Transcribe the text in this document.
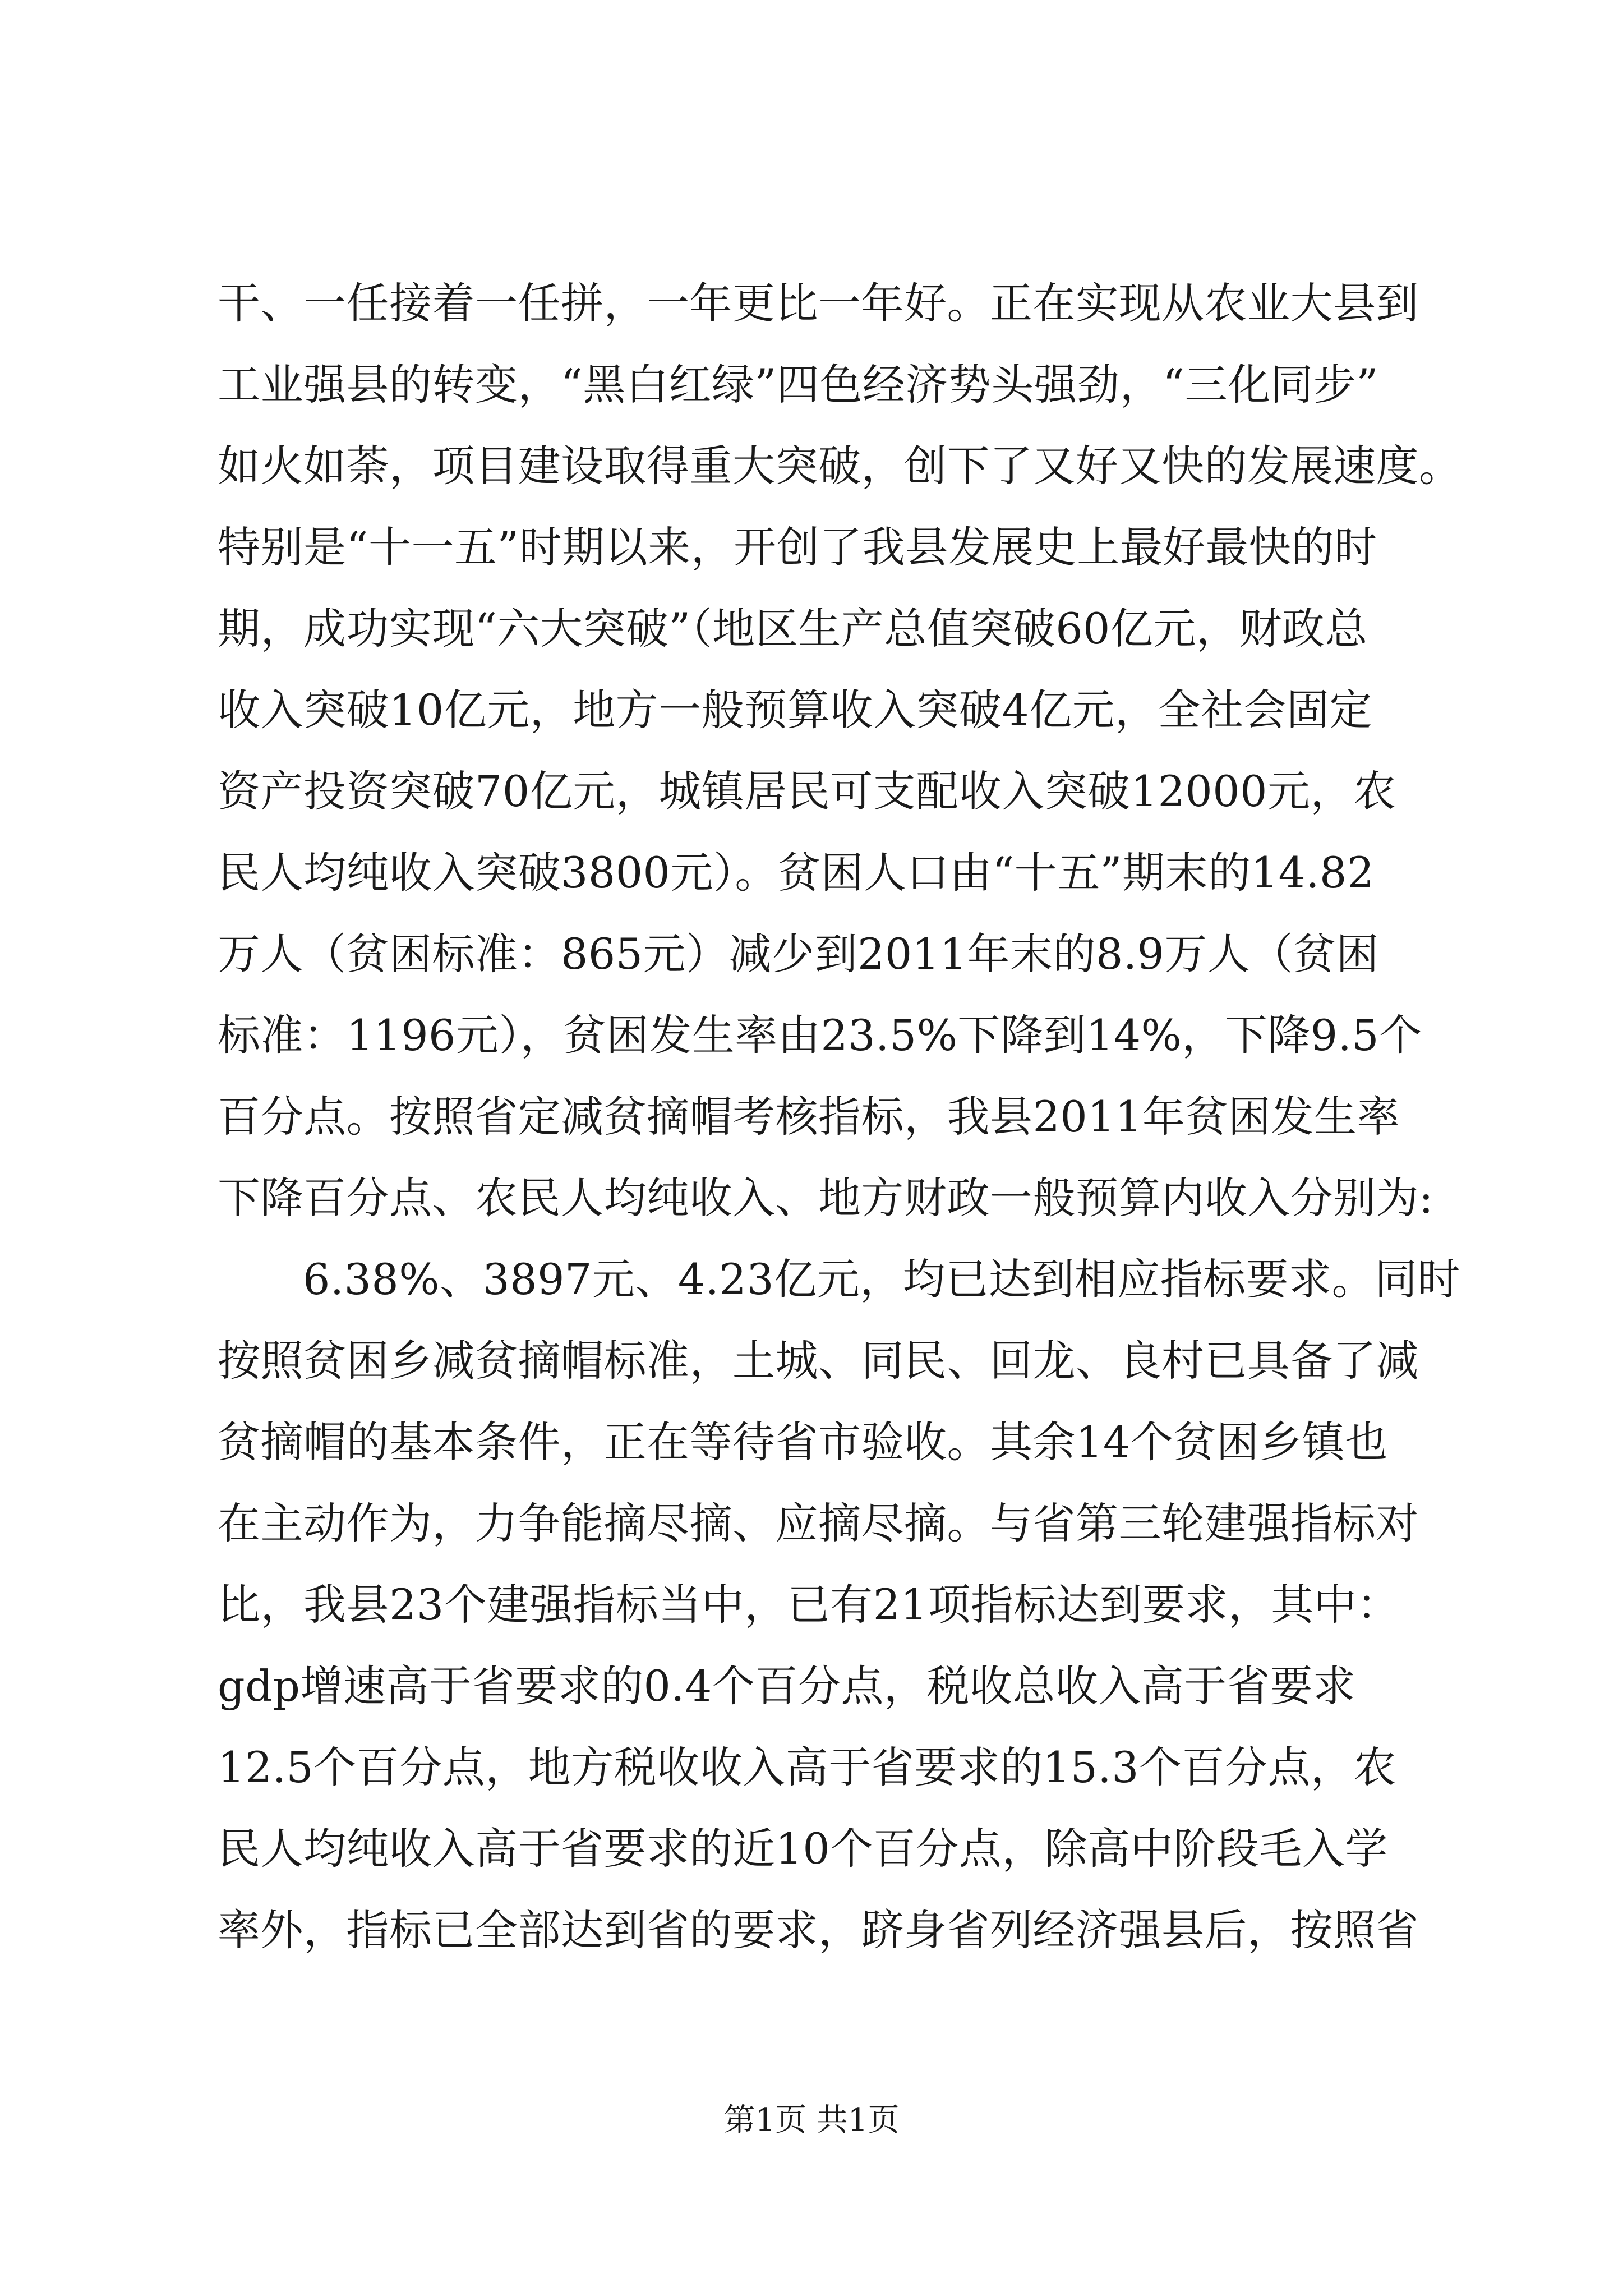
干、一任接着一任拼，一年更比一年好。正在实现从农业大县到
工业强县的转变，“黑白红绿”四色经济势头强劲，“三化同步”
如火如荼，项目建设取得重大突破，创下了又好又快的发展速度。
特别是“十一五”时期以来，开创了我县发展史上最好最快的时
期，成功实现“六大突破”（地区生产总值突破60亿元，财政总
收入突破10亿元，地方一般预算收入突破4亿元，全社会固定
资产投资突破70亿元，城镇居民可支配收入突破12000元，农
民人均纯收入突破3800元）。贫困人口由“十五”期末的14.82
万人（贫困标准：865元）减少到2011年末的8.9万人（贫困
标准：1196元），贫困发生率由23.5%下降到14%，下降9.5个
百分点。按照省定减贫摘帽考核指标，我县2011年贫困发生率
下降百分点、农民人均纯收入、地方财政一般预算内收入分别为:
6.38%、3897元、4.23亿元，均已达到相应指标要求。同时
按照贫困乡减贫摘帽标准，土城、同民、回龙、良村已具备了减
贫摘帽的基本条件，正在等待省市验收。其余14个贫困乡镇也
在主动作为，力争能摘尽摘、应摘尽摘。与省第三轮建强指标对
比，我县23个建强指标当中，已有21项指标达到要求，其中：
gdp增速高于省要求的0.4个百分点，税收总收入高于省要求
12.5个百分点，地方税收收入高于省要求的15.3个百分点，农
民人均纯收入高于省要求的近10个百分点，除高中阶段毛入学
率外，指标已全部达到省的要求，跻身省列经济强县后，按照省
第1页 共1页
